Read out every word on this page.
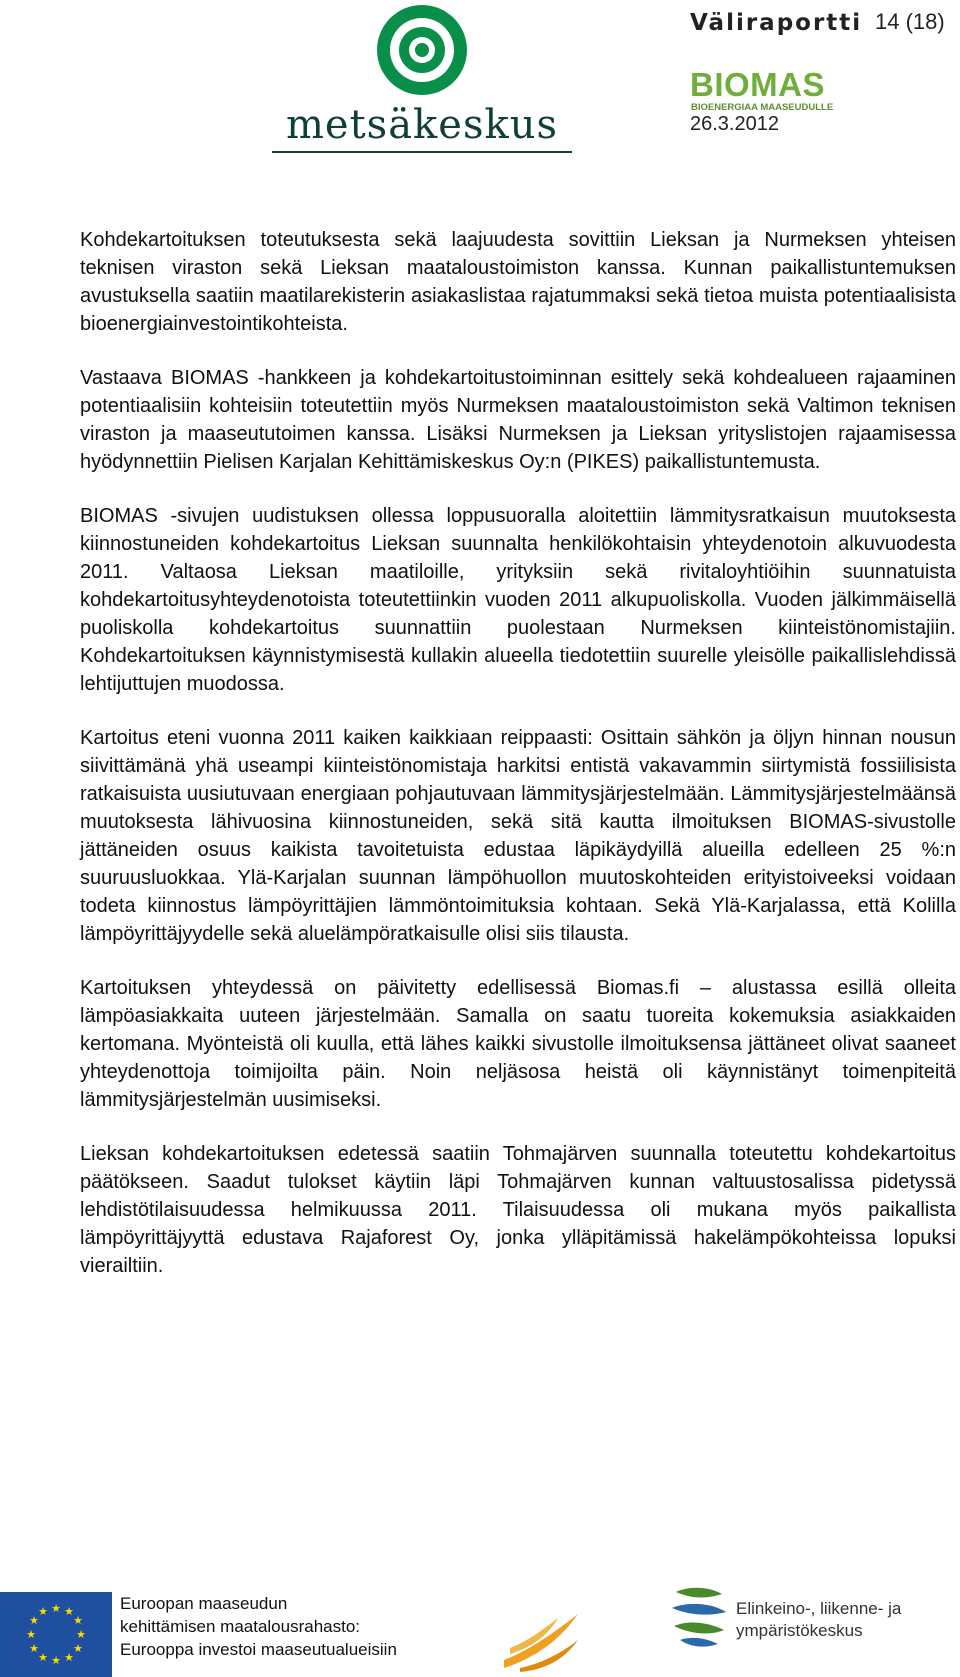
metsäkeskus
Väliraportti 14 (18)
BIOMAS
BIOENERGIAA MAASEUDULLE
26.3.2012

Kohdekartoituksen toteutuksesta sekä laajuudesta sovittiin Lieksan ja Nurmeksen yhteisen teknisen viraston sekä Lieksan maataloustoimiston kanssa. Kunnan paikallistuntemuksen avustuksella saatiin maatilarekisterin asiakaslistaa rajatummaksi sekä tietoa muista potentiaalisista bioenergiainvestointikohteista.

Vastaava BIOMAS -hankkeen ja kohdekartoitustoiminnan esittely sekä kohdealueen rajaaminen potentiaalisiin kohteisiin toteutettiin myös Nurmeksen maataloustoimiston sekä Valtimon teknisen viraston ja maaseututoimen kanssa. Lisäksi Nurmeksen ja Lieksan yrityslistojen rajaamisessa hyödynnettiin Pielisen Karjalan Kehittämiskeskus Oy:n (PIKES) paikallistuntemusta.

BIOMAS -sivujen uudistuksen ollessa loppusuoralla aloitettiin lämmitysratkaisun muutoksesta kiinnostuneiden kohdekartoitus Lieksan suunnalta henkilökohtaisin yhteydenotoin alkuvuodesta 2011. Valtaosa Lieksan maatiloille, yrityksiin sekä rivitaloyhtiöihin suunnatuista kohdekartoitusyhteydenotoista toteutettiinkin vuoden 2011 alkupuoliskolla. Vuoden jälkimmäisellä puoliskolla kohdekartoitus suunnattiin puolestaan Nurmeksen kiinteistönomistajiin. Kohdekartoituksen käynnistymisestä kullakin alueella tiedotettiin suurelle yleisölle paikallislehdissä lehtijuttujen muodossa.

Kartoitus eteni vuonna 2011 kaiken kaikkiaan reippaasti: Osittain sähkön ja öljyn hinnan nousun siivittämänä yhä useampi kiinteistönomistaja harkitsi entistä vakavammin siirtymistä fossiilisista ratkaisuista uusiutuvaan energiaan pohjautuvaan lämmitysjärjestelmään. Lämmitysjärjestelmäänsä muutoksesta lähivuosina kiinnostuneiden, sekä sitä kautta ilmoituksen BIOMAS-sivustolle jättäneiden osuus kaikista tavoitetuista edustaa läpikäydyillä alueilla edelleen 25 %:n suuruusluokkaa. Ylä-Karjalan suunnan lämpöhuollon muutoskohteiden erityistoiveeksi voidaan todeta kiinnostus lämpöyrittäjien lämmöntoimituksia kohtaan. Sekä Ylä-Karjalassa, että Kolilla lämpöyrittäjyydelle sekä aluelämpöratkaisulle olisi siis tilausta.

Kartoituksen yhteydessä on päivitetty edellisessä Biomas.fi – alustassa esillä olleita lämpöasiakkaita uuteen järjestelmään. Samalla on saatu tuoreita kokemuksia asiakkaiden kertomana. Myönteistä oli kuulla, että lähes kaikki sivustolle ilmoituksensa jättäneet olivat saaneet yhteydenottoja toimijoilta päin. Noin neljäsosa heistä oli käynnistänyt toimenpiteitä lämmitysjärjestelmän uusimiseksi.

Lieksan kohdekartoituksen edetessä saatiin Tohmajärven suunnalla toteutettu kohdekartoitus päätökseen. Saadut tulokset käytiin läpi Tohmajärven kunnan valtuustosalissa pidetyssä lehdistötilaisuudessa helmikuussa 2011. Tilaisuudessa oli mukana myös paikallista lämpöyrittäjyyttä edustava Rajaforest Oy, jonka ylläpitämissä hakelämpökohteissa lopuksi vierailtiin.

★ ★
★
★
★
★
★
★
★
★
★
★	Euroopan maaseudun
kehittämisen maatalousrahasto:
Eurooppa investoi maaseutualueisiin
Elinkeino-, liikenne- ja
ympäristökeskus
